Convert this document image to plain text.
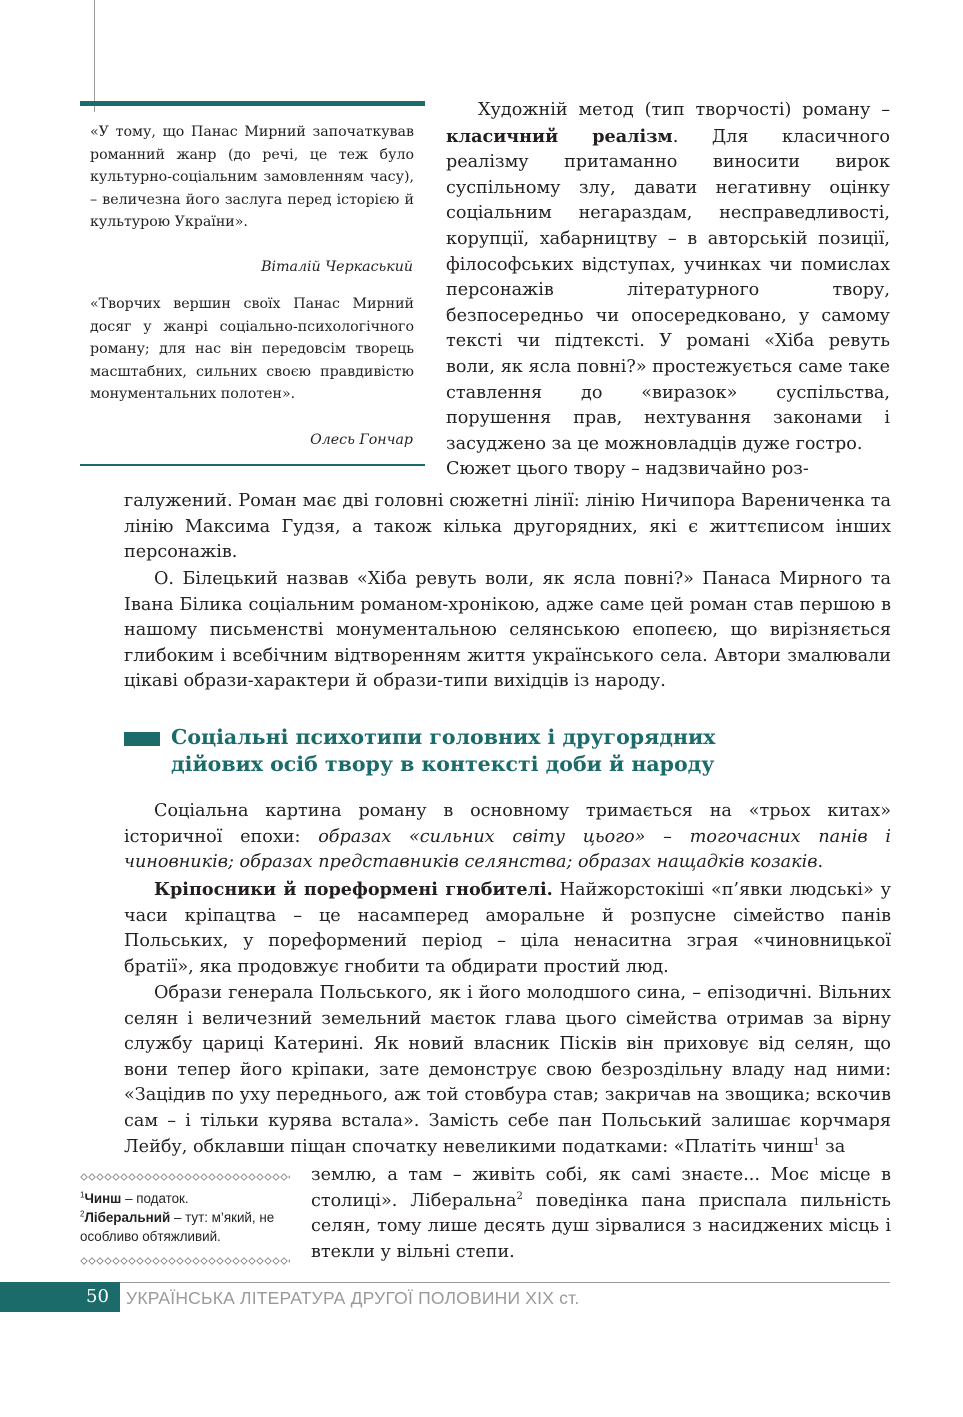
«У тому, що Панас Мирний започаткував романний жанр (до речі, це теж було культурно-соціальним замовленням часу), – величезна його заслуга перед історією й культурою України».

Віталій Черкаський

«Творчих вершин своїх Панас Мирний досяг у жанрі соціально-психологічного роману; для нас він передовсім творець масштабних, сильних своєю правдивістю монументальних полотен».

Олесь Гончар

Художній метод (тип творчості) роману – класичний реалізм. Для класичного реалізму притаманно виносити вирок суспільному злу, давати негативну оцінку соціальним негараздам, несправедливості, корупції, хабарництву – в авторській позиції, філософських відступах, учинках чи помислах персонажів літературного твору, безпосередньо чи опосередковано, у самому тексті чи підтексті. У романі «Хіба ревуть воли, як ясла повні?» простежується саме таке ставлення до «виразок» суспільства, порушення прав, нехтування законами і засуджено за це можновладців дуже гостро.
Сюжет цього твору – надзвичайно роз-

галужений. Роман має дві головні сюжетні лінії: лінію Ничипора Варениченка та лінію Максима Гудзя, а також кілька другорядних, які є життєписом інших персонажів.

О. Білецький назвав «Хіба ревуть воли, як ясла повні?» Панаса Мирного та Івана Білика соціальним романом-хронікою, адже саме цей роман став першою в нашому письменстві монументальною селянською епопеєю, що вирізняється глибоким і всебічним відтворенням життя українського села. Автори змалювали цікаві образи-характери й образи-типи вихідців із народу.

Соціальні психотипи головних і другорядних
дійових осіб твору в контексті доби й народу

Соціальна картина роману в основному тримається на «трьох китах» історичної епохи: образах «сильних світу цього» – тогочасних панів і чиновників; образах представників селянства; образах нащадків козаків.

Кріпосники й пореформені гнобителі. Найжорстокіші «п’явки людські» у часи кріпацтва – це насамперед аморальне й розпусне сімейство панів Польських, у пореформений період – ціла ненаситна зграя «чиновницької братії», яка продовжує гнобити та обдирати простий люд.

Образи генерала Польського, як і його молодшого сина, – епізодичні. Вільних селян і величезний земельний маєток глава цього сімейства отримав за вірну службу цариці Катерині. Як новий власник Пісків він приховує від селян, що вони тепер його кріпаки, зате демонструє свою безроздільну владу над ними: «Зацідив по уху переднього, аж той стовбура став; закричав на звощика; вскочив сам – і тільки курява встала». Замість себе пан Польський залишає корчмаря Лейбу, обклавши піщан спочатку невеликими податками: «Платіть чинш$^1$ за

землю, а там – живіть собі, як самі знаєте... Моє місце в столиці». Ліберальна$^2$ поведінка пана приспала пильність селян, тому лише десять душ зірвалися з насиджених місць і втекли у вільні степи.

$^1$Чинш – податок.
$^2$Ліберальний – тут: м’який, не особливо обтяжливий.
50 УКРАЇНСЬКА ЛІТЕРАТУРА ДРУГОЇ ПОЛОВИНИ XIX ст.
